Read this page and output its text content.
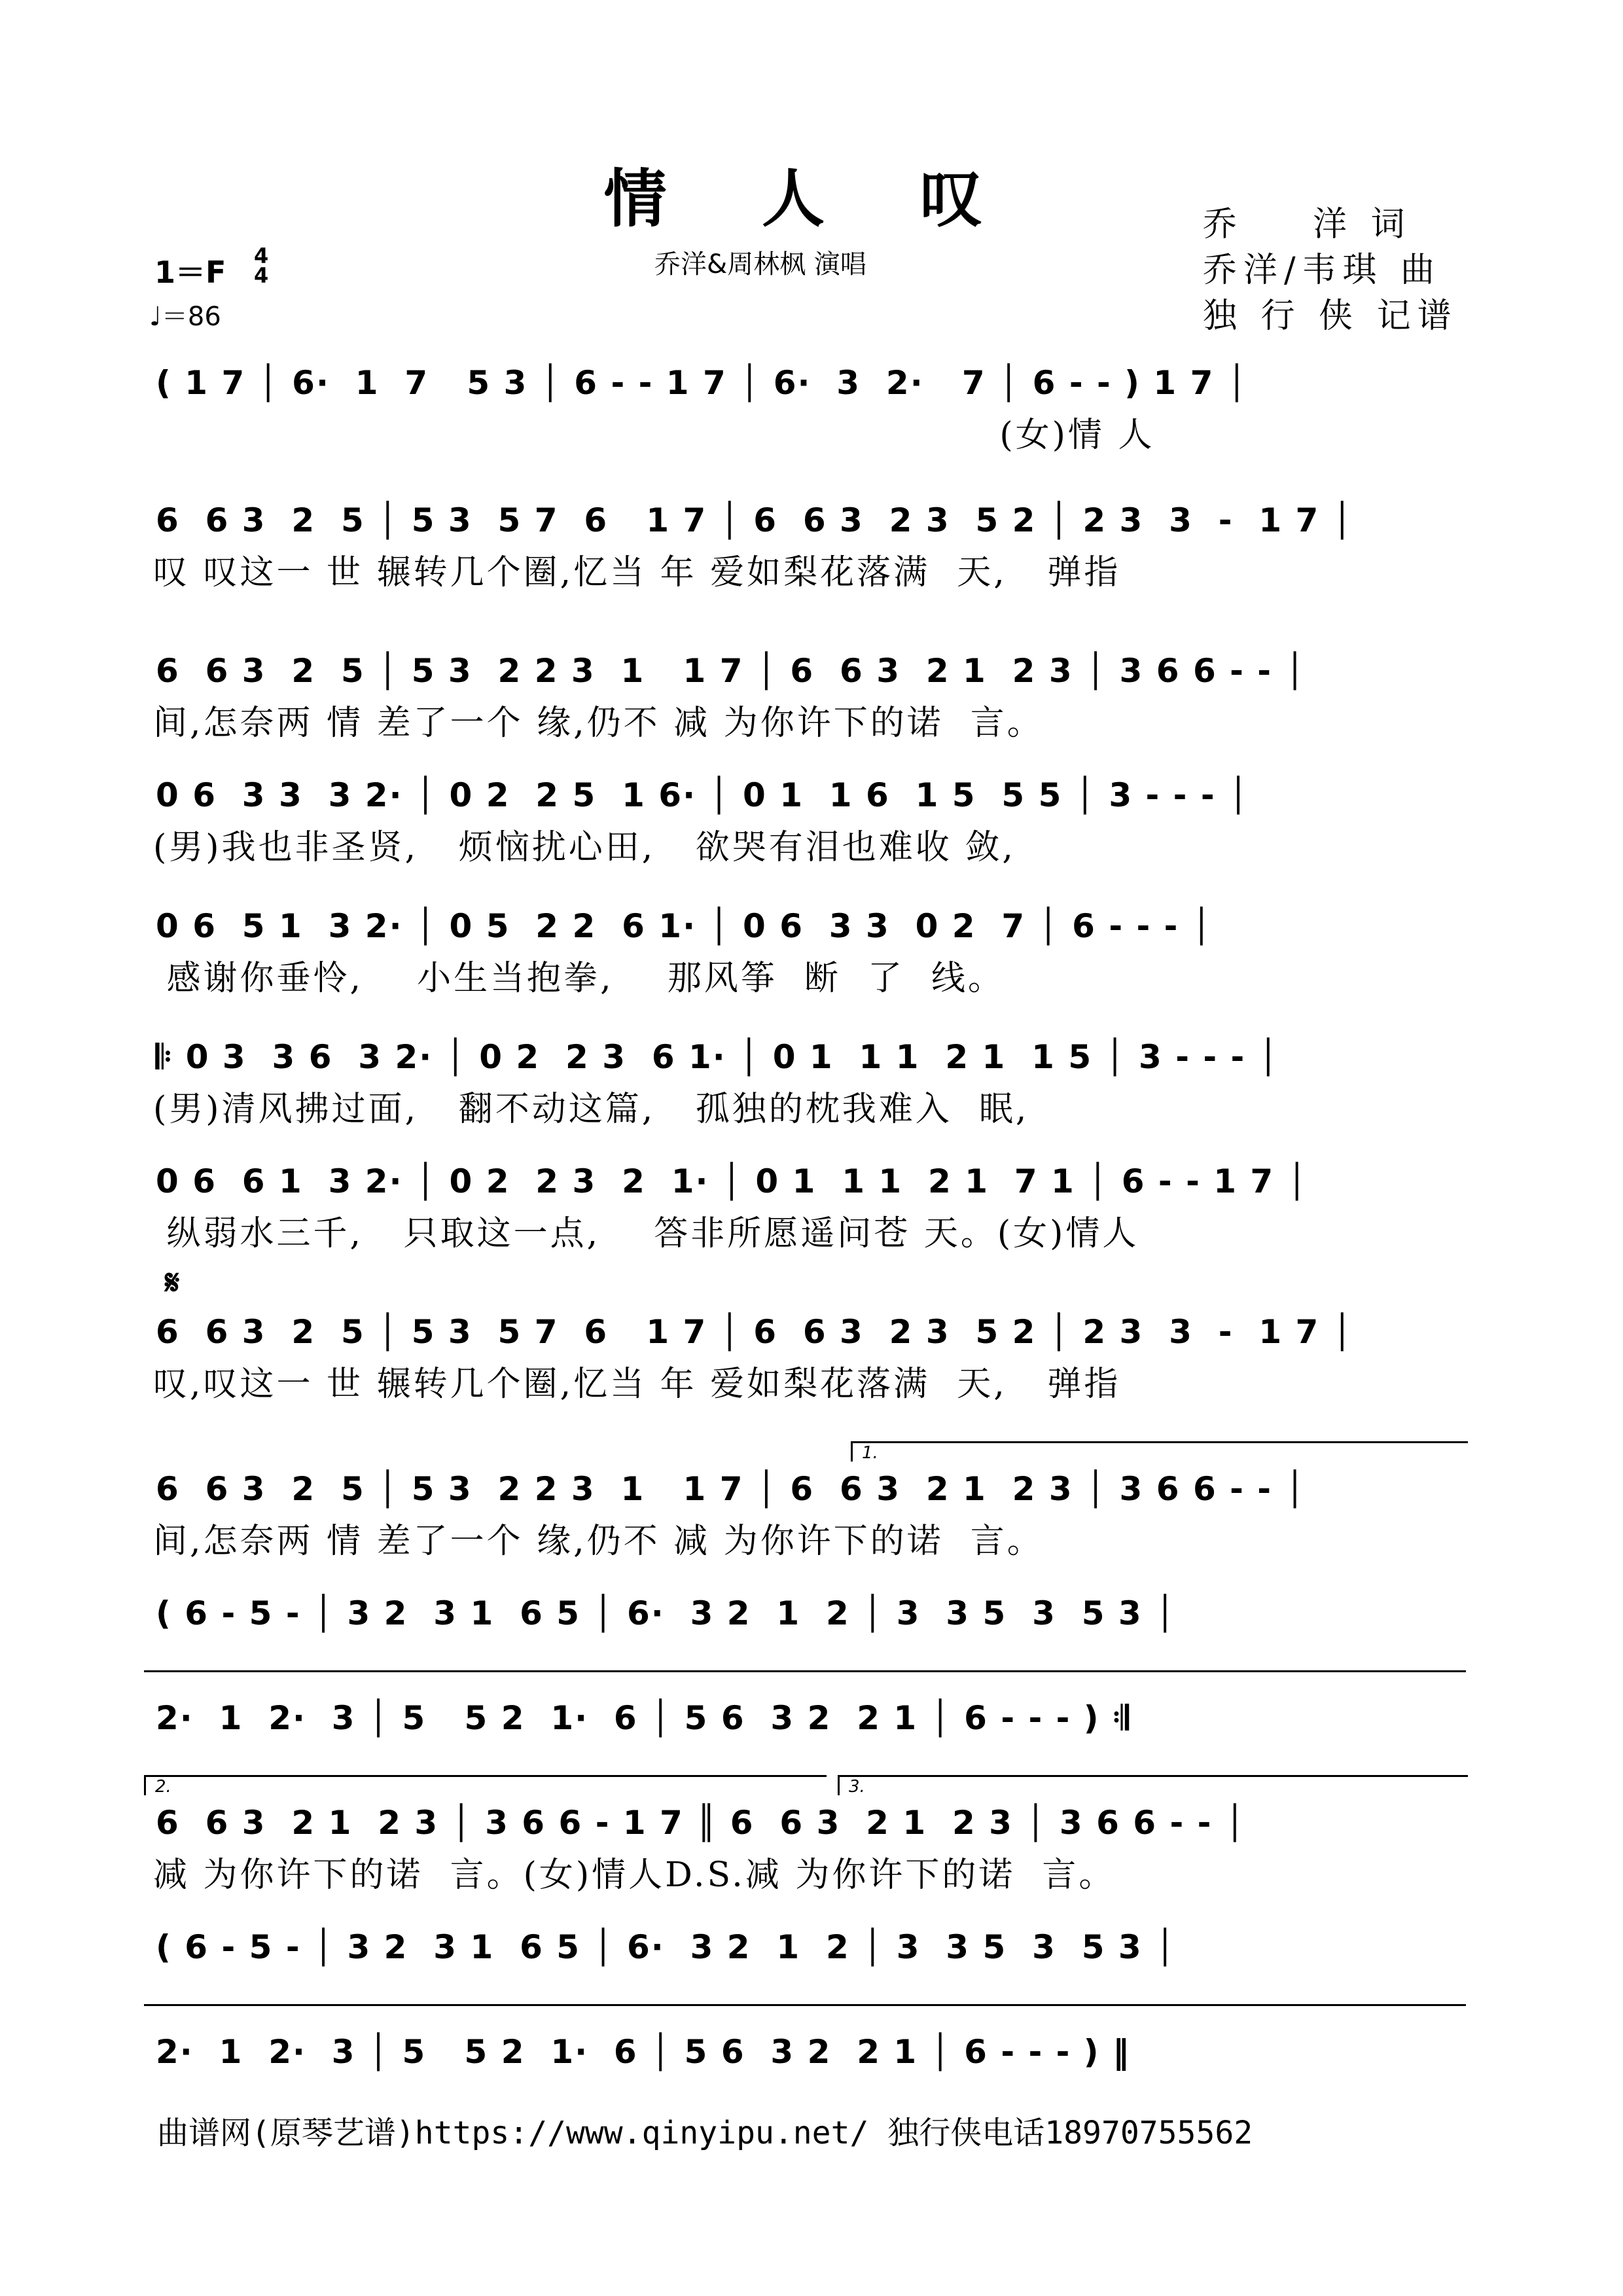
情 人 叹
乔洋&周林枫 演唱
乔    洋 词
乔洋/韦琪 曲
独 行 侠 记谱
1＝F 4
4
♩＝86
( 1 7 │ 6·  1  7   5 3 │ 6 - - 1 7 │ 6·  3  2·   7 │ 6 - - ) 1 7 │
(女)情 人
6  6 3  2  5 │ 5 3  5 7  6   1 7 │ 6  6 3  2 3  5 2 │ 2 3  3  -  1 7 │
叹 叹这一 世 辗转几个圈,忆当 年 爱如梨花落满  天,   弹指
6  6 3  2  5 │ 5 3  2 2 3  1   1 7 │ 6  6 3  2 1  2 3 │ 3 6 6 - - │
间,怎奈两 情 差了一个 缘,仍不 减 为你许下的诺  言。
0 6  3 3  3 2· │ 0 2  2 5  1 6· │ 0 1  1 6  1 5  5 5 │ 3 - - - │
(男)我也非圣贤,   烦恼扰心田,   欲哭有泪也难收 敛,
0 6  5 1  3 2· │ 0 5  2 2  6 1· │ 0 6  3 3  0 2  7 │ 6 - - - │
感谢你垂怜,    小生当抱拳,    那风筝  断  了  线。
𝄆 0 3  3 6  3 2· │ 0 2  2 3  6 1· │ 0 1  1 1  2 1  1 5 │ 3 - - - │
(男)清风拂过面,   翻不动这篇,   孤独的枕我难入  眠,
0 6  6 1  3 2· │ 0 2  2 3  2  1· │ 0 1  1 1  2 1  7 1 │ 6 - - 1 7 │
纵弱水三千,   只取这一点,    答非所愿遥问苍 天。(女)情人
𝄋
6  6 3  2  5 │ 5 3  5 7  6   1 7 │ 6  6 3  2 3  5 2 │ 2 3  3  -  1 7 │
叹,叹这一 世 辗转几个圈,忆当 年 爱如梨花落满  天,   弹指
1.
6  6 3  2  5 │ 5 3  2 2 3  1   1 7 │ 6  6 3  2 1  2 3 │ 3 6 6 - - │
间,怎奈两 情 差了一个 缘,仍不 减 为你许下的诺  言。
( 6 - 5 - │ 3 2  3 1  6 5 │ 6·  3 2  1  2 │ 3  3 5  3  5 3 │
2·  1  2·  3 │ 5   5 2  1·  6 │ 5 6  3 2  2 1 │ 6 - - - ) 𝄇
2.	3.
6  6 3  2 1  2 3 │ 3 6 6 - 1 7 ║ 6  6 3  2 1  2 3 │ 3 6 6 - - │
减 为你许下的诺  言。(女)情人D.S.减 为你许下的诺  言。
( 6 - 5 - │ 3 2  3 1  6 5 │ 6·  3 2  1  2 │ 3  3 5  3  5 3 │
2·  1  2·  3 │ 5   5 2  1·  6 │ 5 6  3 2  2 1 │ 6 - - - ) ‖
曲谱网(原琴艺谱)https://www.qinyipu.net/ 独行侠电话18970755562
